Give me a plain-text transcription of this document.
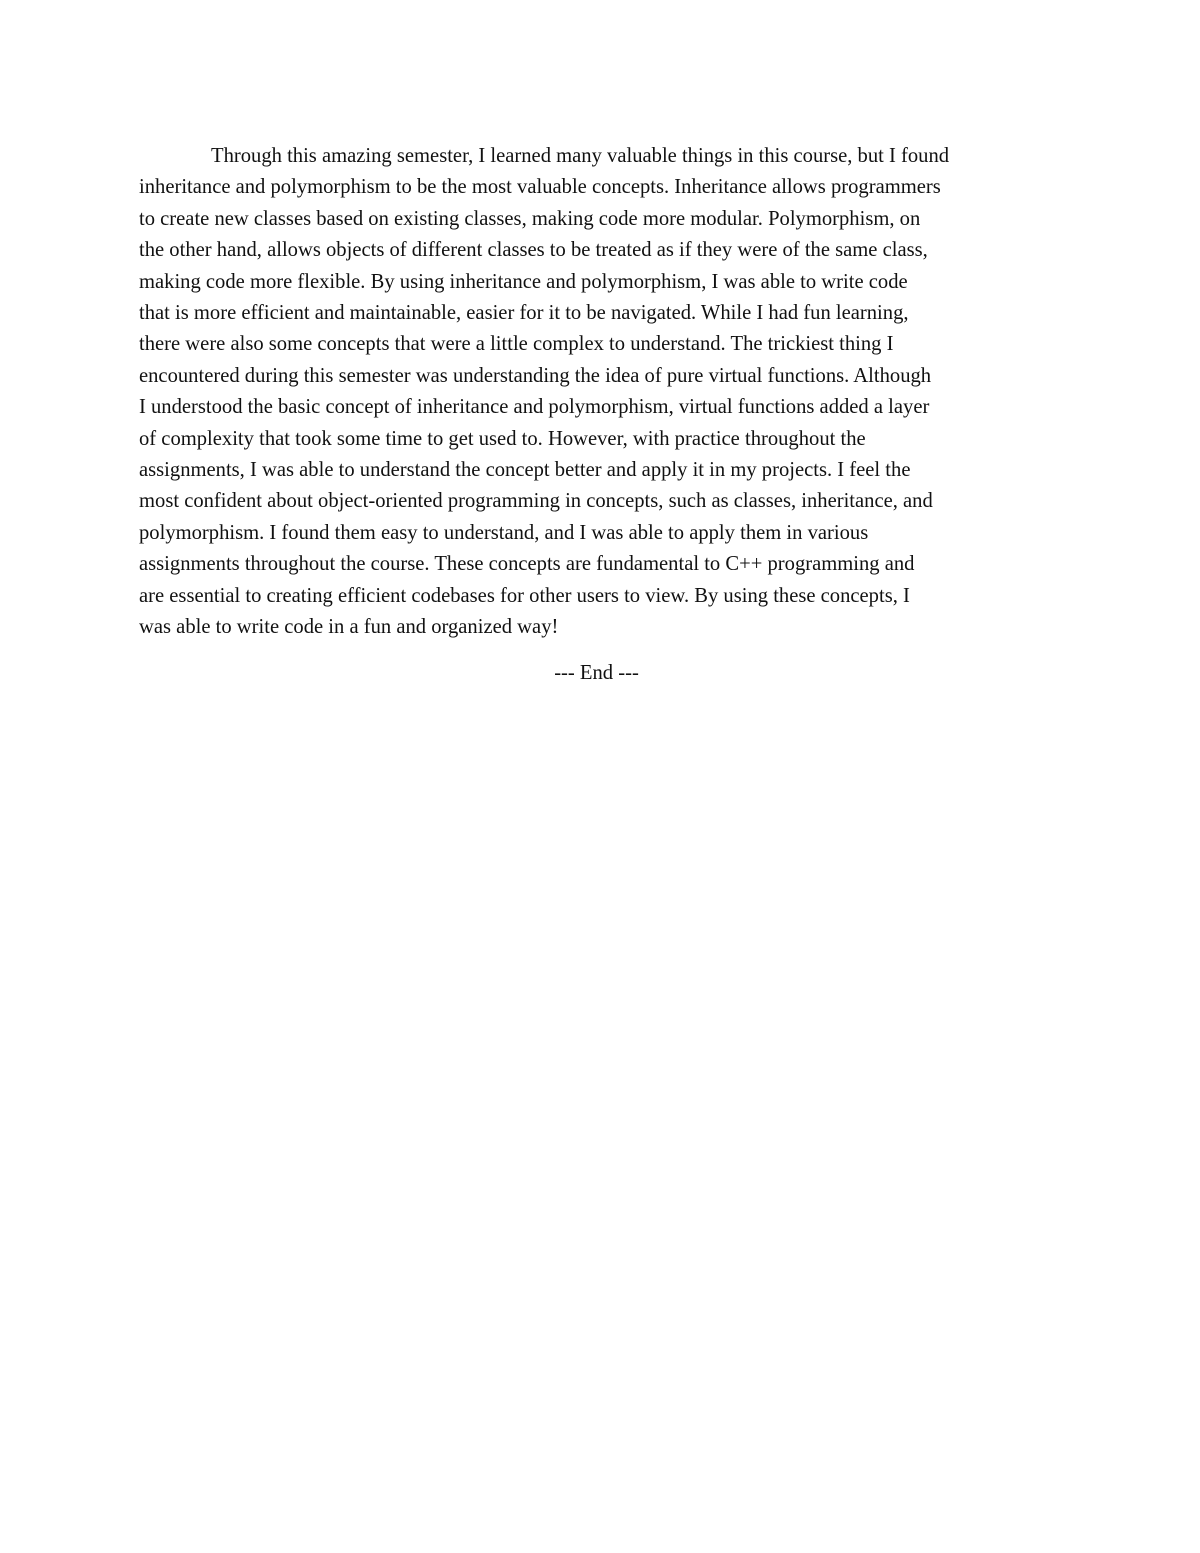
Through this amazing semester, I learned many valuable things in this course, but I found
inheritance and polymorphism to be the most valuable concepts. Inheritance allows programmers
to create new classes based on existing classes, making code more modular. Polymorphism, on
the other hand, allows objects of different classes to be treated as if they were of the same class,
making code more flexible. By using inheritance and polymorphism, I was able to write code
that is more efficient and maintainable, easier for it to be navigated. While I had fun learning,
there were also some concepts that were a little complex to understand. The trickiest thing I
encountered during this semester was understanding the idea of pure virtual functions. Although
I understood the basic concept of inheritance and polymorphism, virtual functions added a layer
of complexity that took some time to get used to. However, with practice throughout the
assignments, I was able to understand the concept better and apply it in my projects. I feel the
most confident about object-oriented programming in concepts, such as classes, inheritance, and
polymorphism. I found them easy to understand, and I was able to apply them in various
assignments throughout the course. These concepts are fundamental to C++ programming and
are essential to creating efficient codebases for other users to view. By using these concepts, I
was able to write code in a fun and organized way!

--- End ---
